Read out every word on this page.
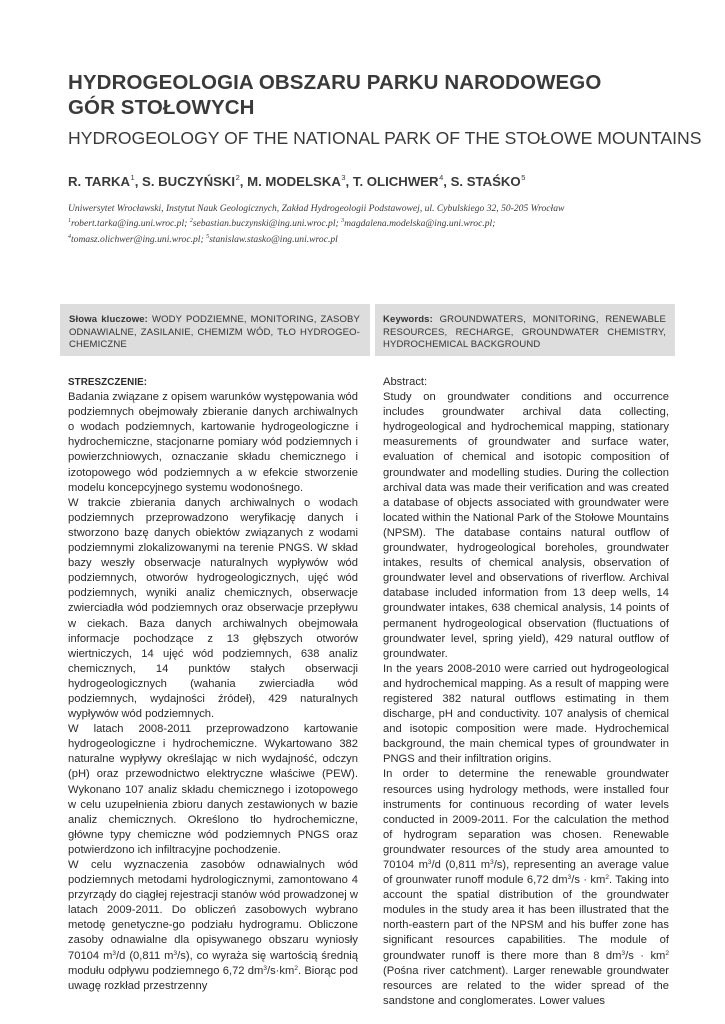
HYDROGEOLOGIA OBSZARU PARKU NARODOWEGO
GÓR STOŁOWYCH
HYDROGEOLOGY OF THE NATIONAL PARK OF THE STOŁOWE MOUNTAINS
R. TARKA$^1$, S. BUCZYŃSKI$^2$, M. MODELSKA$^3$, T. OLICHWER$^4$, S. STAŚKO$^5$
Uniwersytet Wrocławski, Instytut Nauk Geologicznych, Zakład Hydrogeologii Podstawowej, ul. Cybulskiego 32, 50-205 Wrocław
$^1$robert.tarka@ing.uni.wroc.pl; $^2$sebastian.buczynski@ing.uni.wroc.pl; $^3$magdalena.modelska@ing.uni.wroc.pl;
$^4$tomasz.olichwer@ing.uni.wroc.pl; $^5$stanislaw.stasko@ing.uni.wroc.pl
Słowa kluczowe: WODY PODZIEMNE, MONITORING, ZASOBY ODNAWIALNE, ZASILANIE, CHEMIZM WÓD, TŁO HYDROGEO-CHEMICZNE
Keywords: GROUNDWATERS, MONITORING, RENEWABLE RESOURCES, RECHARGE, GROUNDWATER CHEMISTRY, HYDROCHEMICAL BACKGROUND

STRESZCZENIE:

Badania związane z opisem warunków występowania wód podziemnych obejmowały zbieranie danych archiwalnych o wodach podziemnych, kartowanie hydrogeologiczne i hydrochemiczne, stacjonarne pomiary wód podziemnych i powierzchniowych, oznaczanie składu chemicznego i izotopowego wód podziemnych a w efekcie stworzenie modelu koncepcyjnego systemu wodonośnego.

W trakcie zbierania danych archiwalnych o wodach podziemnych przeprowadzono weryfikację danych i stworzono bazę danych obiektów związanych z wodami podziemnymi zlokalizowanymi na terenie PNGS. W skład bazy weszły obserwacje naturalnych wypływów wód podziemnych, otworów hydrogeologicznych, ujęć wód podziemnych, wyniki analiz chemicznych, obserwacje zwierciadła wód podziemnych oraz obserwacje przepływu w ciekach. Baza danych archiwalnych obejmowała informacje pochodzące z 13 głębszych otworów wiertniczych, 14 ujęć wód podziemnych, 638 analiz chemicznych, 14 punktów stałych obserwacji hydrogeologicznych (wahania zwierciadła wód podziemnych, wydajności źródeł), 429 naturalnych wypływów wód podziemnych.

W latach 2008-2011 przeprowadzono kartowanie hydrogeologiczne i hydrochemiczne. Wykartowano 382 naturalne wypływy określając w nich wydajność, odczyn (pH) oraz przewodnictwo elektryczne właściwe (PEW). Wykonano 107 analiz składu chemicznego i izotopowego w celu uzupełnienia zbioru danych zestawionych w bazie analiz chemicznych. Określono tło hydrochemiczne, główne typy chemiczne wód podziemnych PNGS oraz potwierdzono ich infiltracyjne pochodzenie.

W celu wyznaczenia zasobów odnawialnych wód podziemnych metodami hydrologicznymi, zamontowano 4 przyrządy do ciągłej rejestracji stanów wód prowadzonej w latach 2009-2011. Do obliczeń zasobowych wybrano metodę genetyczne-go podziału hydrogramu. Obliczone zasoby odnawialne dla opisywanego obszaru wyniosły 70104 $m^3/d$ (0,811 $m^3/s$), co wyraża się wartością średnią modułu odpływu podziemnego 6,72 $dm^3/s\cdot km^2$. Biorąc pod uwagę rozkład przestrzenny

Abstract:

Study on groundwater conditions and occurrence includes groundwater archival data collecting, hydrogeological and hydrochemical mapping, stationary measurements of groundwater and surface water, evaluation of chemical and isotopic composition of groundwater and modelling studies. During the collection archival data was made their verification and was created a database of objects associated with groundwater were located within the National Park of the Stołowe Mountains (NPSM). The database contains natural outflow of groundwater, hydrogeological boreholes, groundwater intakes, results of chemical analysis, observation of groundwater level and observations of riverflow. Archival database included information from 13 deep wells, 14 groundwater intakes, 638 chemical analysis, 14 points of permanent hydrogeological observation (fluctuations of groundwater level, spring yield), 429 natural outflow of groundwater.

In the years 2008-2010 were carried out hydrogeological and hydrochemical mapping. As a result of mapping were registered 382 natural outflows estimating in them discharge, pH and conductivity. 107 analysis of chemical and isotopic composition were made. Hydrochemical background, the main chemical types of groundwater in PNGS and their infiltration origins.

In order to determine the renewable groundwater resources using hydrology methods, were installed four instruments for continuous recording of water levels conducted in 2009-2011. For the calculation the method of hydrogram separation was chosen. Renewable groundwater resources of the study area amounted to 70104 $m^3/d$ (0,811 $m^3/s$), representing an average value of grounwater runoff module 6,72 $dm^3/s \cdot km^2$. Taking into account the spatial distribution of the groundwater modules in the study area it has been illustrated that the north-eastern part of the NPSM and his buffer zone has significant resources capabilities. The module of groundwater runoff is there more than 8 $dm^3/s \cdot km^2$ (Pośna river catchment). Larger renewable groundwater resources are related to the wider spread of the sandstone and conglomerates. Lower values
